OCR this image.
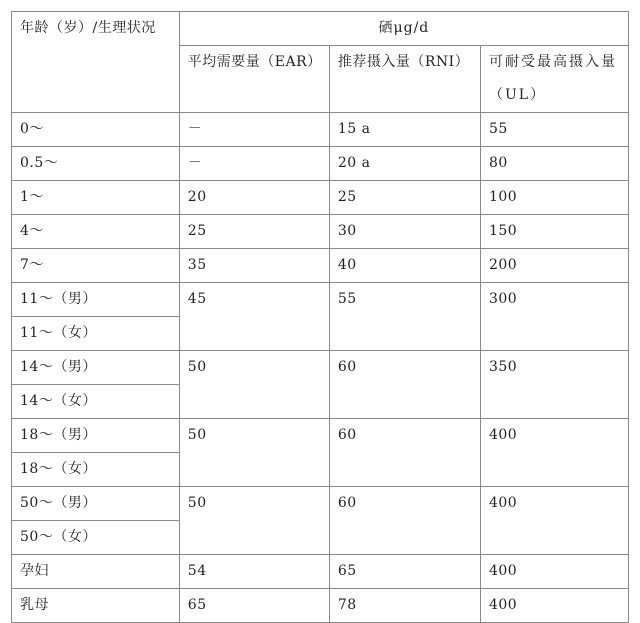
年龄（岁）/生理状况	硒μg/d		
	平均需要量（EAR）	推荐摄入量（RNI）	可耐受最高摄入量（UL）
0～	－	15 a	55
0.5～	－	20 a	80
1～	20	25	100
4～	25	30	150
7～	35	40	200
11～（男）	45	55	300
11～（女）			
14～（男）	50	60	350
14～（女）			
18～（男）	50	60	400
18～（女）			
50～（男）	50	60	400
50～（女）			
孕妇	54	65	400
乳母	65	78	400
